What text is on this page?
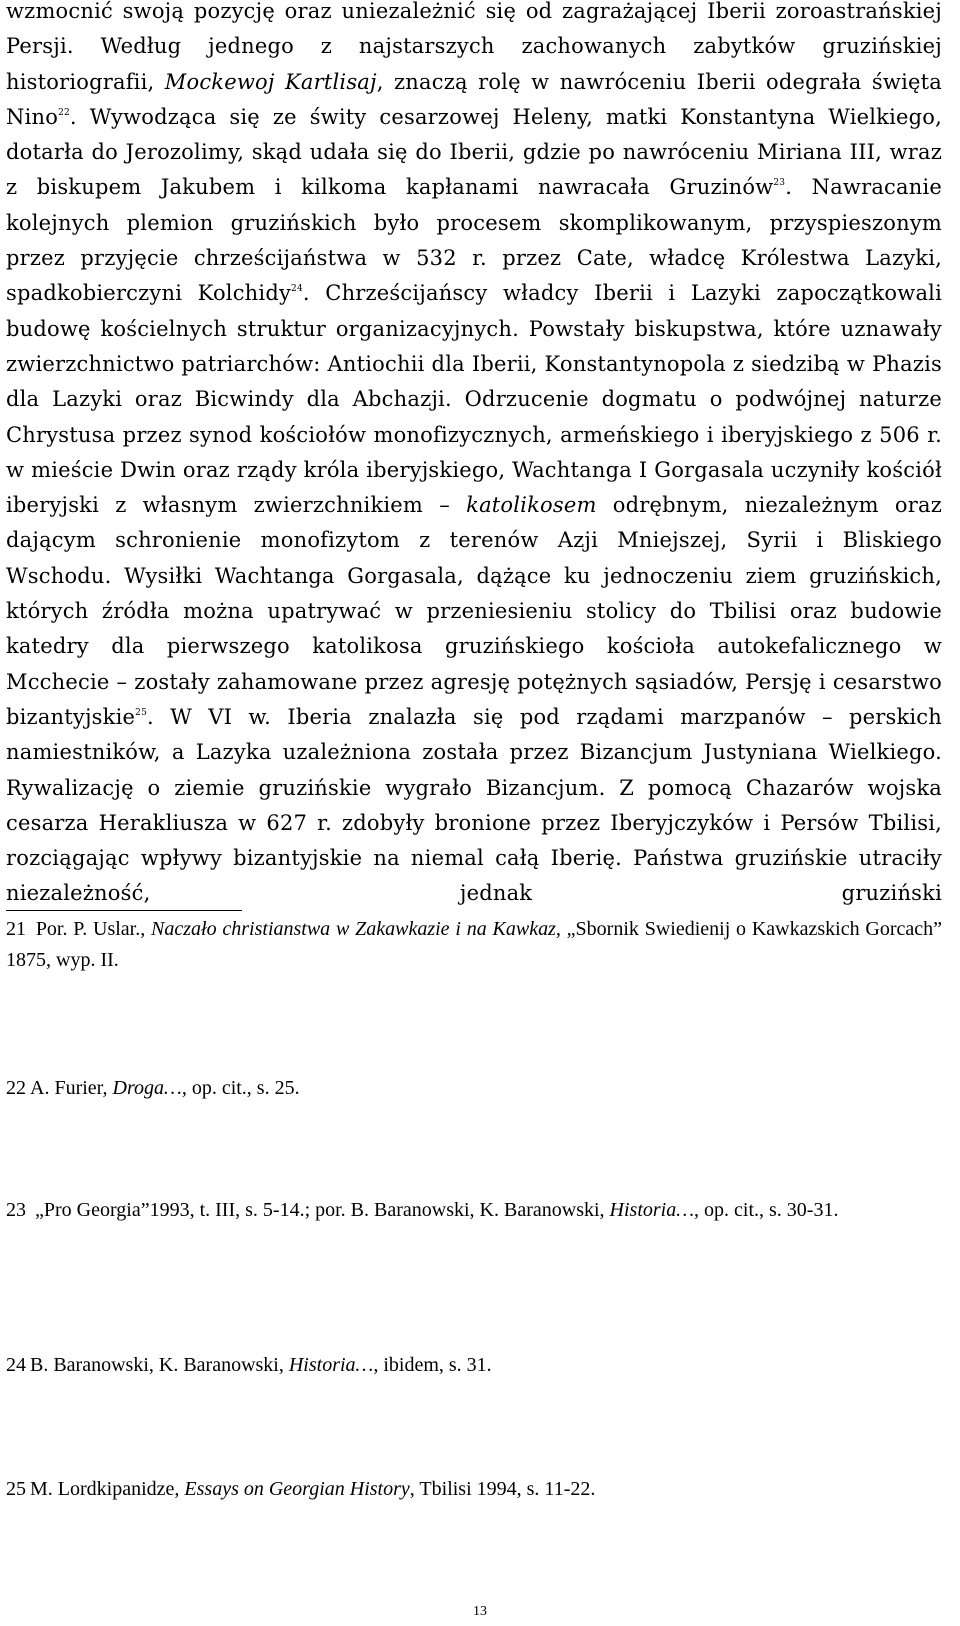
wzmocnić swoją pozycję oraz uniezależnić się od zagrażającej Iberii zoroastrańskiej Persji. Według jednego z najstarszych zachowanych zabytków gruzińskiej historiografii, Mockewoj Kartlisaj, znaczą rolę w nawróceniu Iberii odegrała święta Nino$^{22}$. Wywodząca się ze świty cesarzowej Heleny, matki Konstantyna Wielkiego, dotarła do Jerozolimy, skąd udała się do Iberii, gdzie po nawróceniu Miriana III, wraz z biskupem Jakubem i kilkoma kapłanami nawracała Gruzinów$^{23}$. Nawracanie kolejnych plemion gruzińskich było procesem skomplikowanym, przyspieszonym przez przyjęcie chrześcijaństwa w 532 r. przez Cate, władcę Królestwa Lazyki, spadkobierczyni Kolchidy$^{24}$. Chrześcijańscy władcy Iberii i Lazyki zapoczątkowali budowę kościelnych struktur organizacyjnych. Powstały biskupstwa, które uznawały zwierzchnictwo patriarchów: Antiochii dla Iberii, Konstantynopola z siedzibą w Phazis dla Lazyki oraz Bicwindy dla Abchazji. Odrzucenie dogmatu o podwójnej naturze Chrystusa przez synod kościołów monofizycznych, armeńskiego i iberyjskiego z 506 r. w mieście Dwin oraz rządy króla iberyjskiego, Wachtanga I Gorgasala uczyniły kościół iberyjski z własnym zwierzchnikiem – katolikosem odrębnym, niezależnym oraz dającym schronienie monofizytom z terenów Azji Mniejszej, Syrii i Bliskiego Wschodu. Wysiłki Wachtanga Gorgasala, dążące ku jednoczeniu ziem gruzińskich, których źródła można upatrywać w przeniesieniu stolicy do Tbilisi oraz budowie katedry dla pierwszego katolikosa gruzińskiego kościoła autokefalicznego w Mcchecie – zostały zahamowane przez agresję potężnych sąsiadów, Persję i cesarstwo bizantyjskie$^{25}$. W VI w. Iberia znalazła się pod rządami marzpanów – perskich namiestników, a Lazyka uzależniona została przez Bizancjum Justyniana Wielkiego. Rywalizację o ziemie gruzińskie wygrało Bizancjum. Z pomocą Chazarów wojska cesarza Herakliusza w 627 r. zdobyły bronione przez Iberyjczyków i Persów Tbilisi, rozciągając wpływy bizantyjskie na niemal całą Iberię. Państwa gruzińskie utraciły niezależność, jednak gruziński

21 Por. P. Uslar., Naczаło christianstwa w Zakawkazie i na Kawkaz, „Sbornik Swiedienij o Kawkazskich Gorcach” 1875, wyp. II.

22 A. Furier, Droga…, op. cit., s. 25.

23 „Pro Georgia”1993, t. III, s. 5-14.; por. B. Baranowski, K. Baranowski, Historia…, op. cit., s. 30-31.

24 B. Baranowski, K. Baranowski, Historia…, ibidem, s. 31.

25 M. Lordkipanidze, Essays on Georgian History, Tbilisi 1994, s. 11-22.

13
